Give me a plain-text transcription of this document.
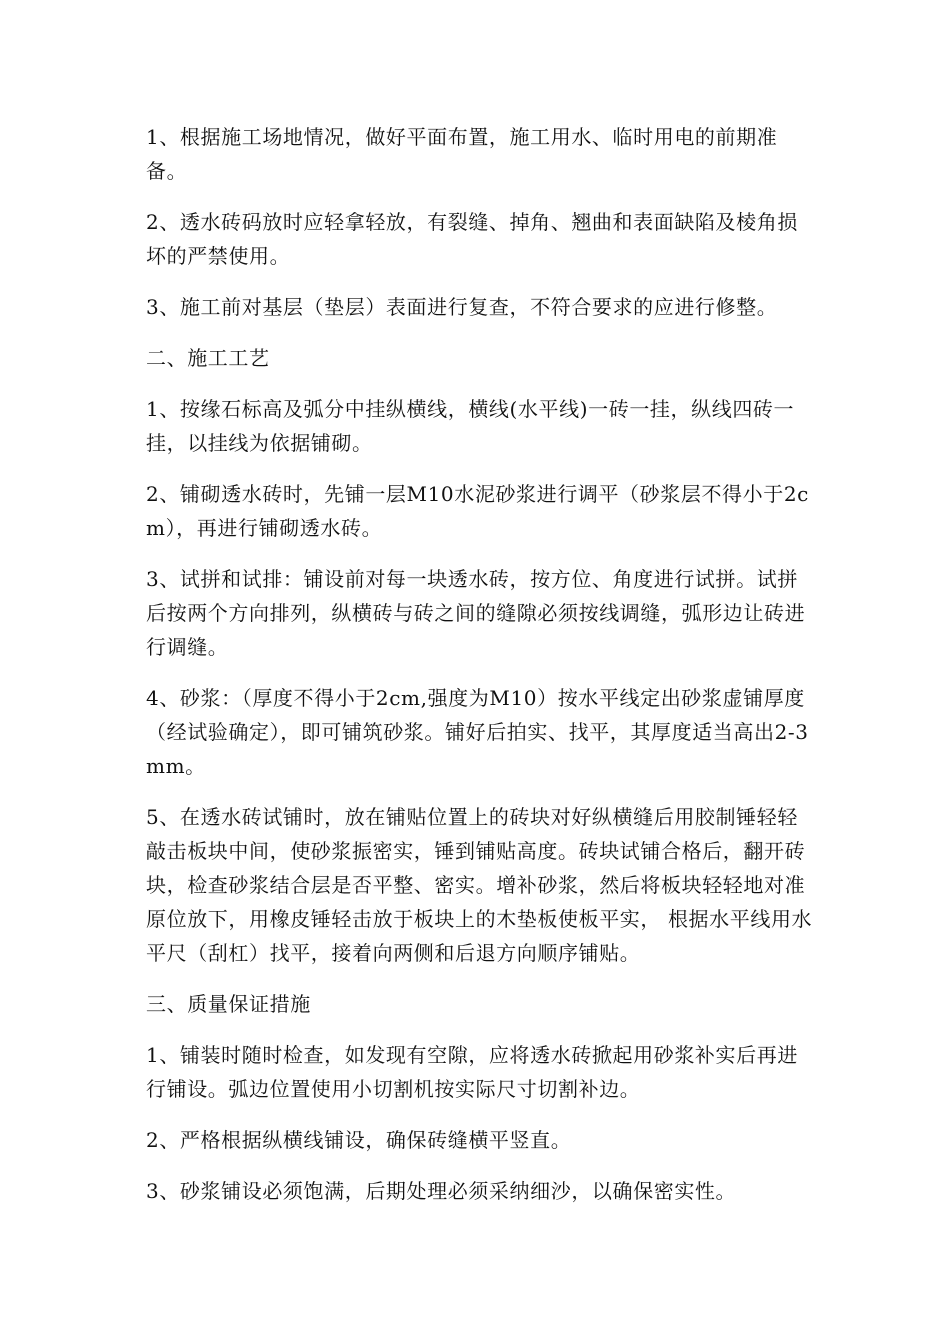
1、根据施工场地情况，做好平面布置，施工用水、临时用电的前期准备。

2、透水砖码放时应轻拿轻放，有裂缝、掉角、翘曲和表面缺陷及棱角损坏的严禁使用。

3、施工前对基层（垫层）表面进行复查，不符合要求的应进行修整。

二、施工工艺

1、按缘石标高及弧分中挂纵横线，横线(水平线)一砖一挂，纵线四砖一挂，以挂线为依据铺砌。

2、铺砌透水砖时，先铺一层M10水泥砂浆进行调平（砂浆层不得小于2cm），再进行铺砌透水砖。

3、试拼和试排：铺设前对每一块透水砖，按方位、角度进行试拼。试拼后按两个方向排列，纵横砖与砖之间的缝隙必须按线调缝，弧形边让砖进行调缝。

4、砂浆：（厚度不得小于2cm,强度为M10）按水平线定出砂浆虚铺厚度（经试验确定），即可铺筑砂浆。铺好后拍实、找平，其厚度适当高出2-3mm。

5、在透水砖试铺时，放在铺贴位置上的砖块对好纵横缝后用胶制锤轻轻敲击板块中间，使砂浆振密实，锤到铺贴高度。砖块试铺合格后，翻开砖块，检查砂浆结合层是否平整、密实。增补砂浆，然后将板块轻轻地对准原位放下，用橡皮锤轻击放于板块上的木垫板使板平实， 根据水平线用水平尺（刮杠）找平，接着向两侧和后退方向顺序铺贴。

三、质量保证措施

1、铺装时随时检查，如发现有空隙，应将透水砖掀起用砂浆补实后再进行铺设。弧边位置使用小切割机按实际尺寸切割补边。

2、严格根据纵横线铺设，确保砖缝横平竖直。

3、砂浆铺设必须饱满，后期处理必须采纳细沙，以确保密实性。
